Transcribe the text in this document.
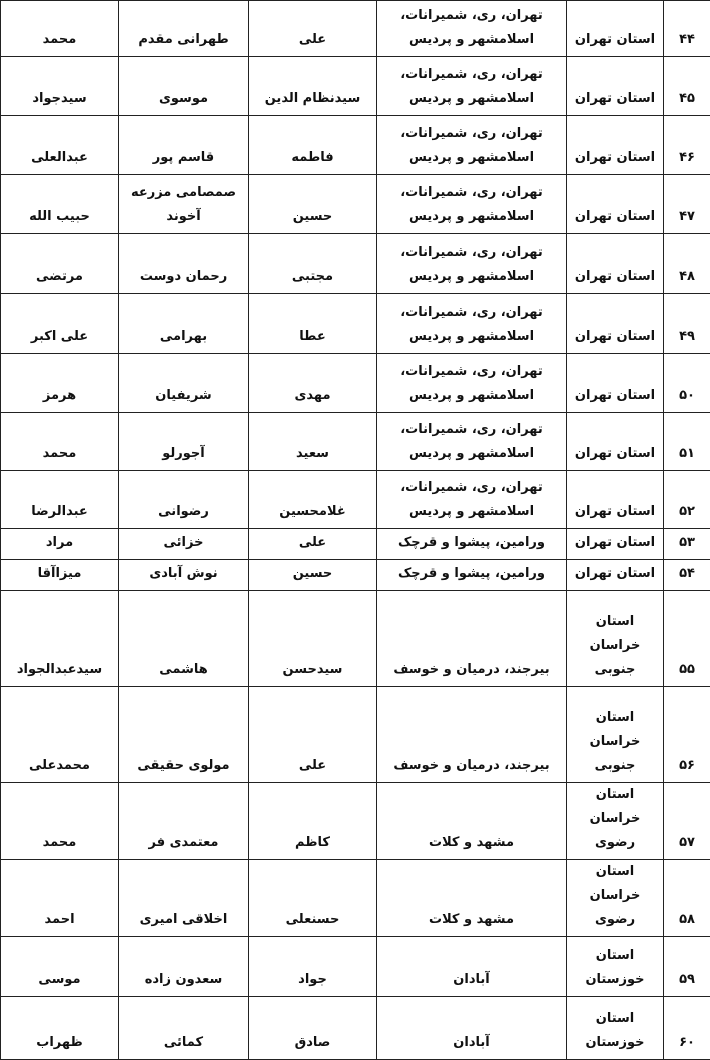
۴۴	استان تهران	تهران، ری، شمیرانات، اسلامشهر و پردیس	علی	طهرانی مقدم	محمد
۴۵	استان تهران	تهران، ری، شمیرانات، اسلامشهر و پردیس	سیدنظام الدین	موسوی	سیدجواد
۴۶	استان تهران	تهران، ری، شمیرانات، اسلامشهر و پردیس	فاطمه	قاسم پور	عبدالعلی
۴۷	استان تهران	تهران، ری، شمیرانات، اسلامشهر و پردیس	حسین	صمصامی مزرعه آخوند	حبیب الله
۴۸	استان تهران	تهران، ری، شمیرانات، اسلامشهر و پردیس	مجتبی	رحمان دوست	مرتضی
۴۹	استان تهران	تهران، ری، شمیرانات، اسلامشهر و پردیس	عطا	بهرامی	علی اکبر
۵۰	استان تهران	تهران، ری، شمیرانات، اسلامشهر و پردیس	مهدی	شریفیان	هرمز
۵۱	استان تهران	تهران، ری، شمیرانات، اسلامشهر و پردیس	سعید	آجورلو	محمد
۵۲	استان تهران	تهران، ری، شمیرانات، اسلامشهر و پردیس	غلامحسین	رضوانی	عبدالرضا
۵۳	استان تهران	ورامین، پیشوا و قرچک	علی	خزائی	مراد
۵۴	استان تهران	ورامین، پیشوا و قرچک	حسین	نوش آبادی	میزاآقا
۵۵	استان خراسان جنوبی	بیرجند، درمیان و خوسف	سیدحسن	هاشمی	سیدعبدالجواد
۵۶	استان خراسان جنوبی	بیرجند، درمیان و خوسف	علی	مولوی حقیقی	محمدعلی
۵۷	استان خراسان رضوی	مشهد و کلات	کاظم	معتمدی فر	محمد
۵۸	استان خراسان رضوی	مشهد و کلات	حسنعلی	اخلاقی امیری	احمد
۵۹	استان خوزستان	آبادان	جواد	سعدون زاده	موسی
۶۰	استان خوزستان	آبادان	صادق	کمائی	ظهراب
